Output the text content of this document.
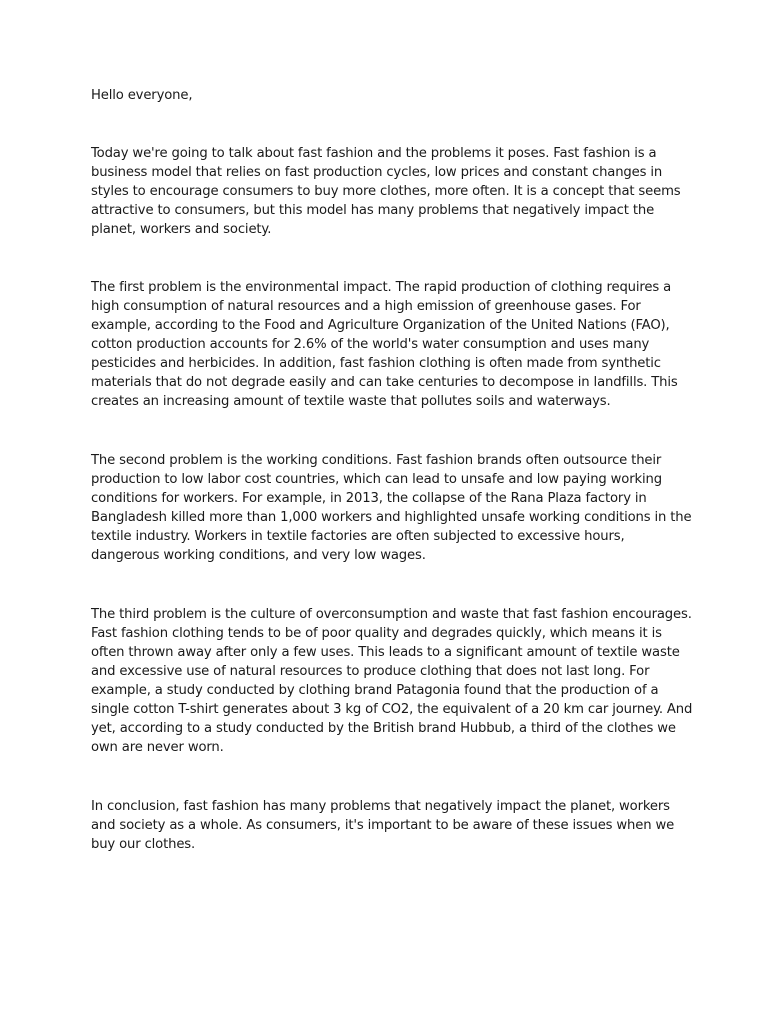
Hello everyone,

Today we're going to talk about fast fashion and the problems it poses. Fast fashion is a

business model that relies on fast production cycles, low prices and constant changes in

styles to encourage consumers to buy more clothes, more often. It is a concept that seems

attractive to consumers, but this model has many problems that negatively impact the

planet, workers and society.

The first problem is the environmental impact. The rapid production of clothing requires a

high consumption of natural resources and a high emission of greenhouse gases. For

example, according to the Food and Agriculture Organization of the United Nations (FAO),

cotton production accounts for 2.6% of the world's water consumption and uses many

pesticides and herbicides. In addition, fast fashion clothing is often made from synthetic

materials that do not degrade easily and can take centuries to decompose in landfills. This

creates an increasing amount of textile waste that pollutes soils and waterways.

The second problem is the working conditions. Fast fashion brands often outsource their

production to low labor cost countries, which can lead to unsafe and low paying working

conditions for workers. For example, in 2013, the collapse of the Rana Plaza factory in

Bangladesh killed more than 1,000 workers and highlighted unsafe working conditions in the

textile industry. Workers in textile factories are often subjected to excessive hours,

dangerous working conditions, and very low wages.

The third problem is the culture of overconsumption and waste that fast fashion encourages.

Fast fashion clothing tends to be of poor quality and degrades quickly, which means it is

often thrown away after only a few uses. This leads to a significant amount of textile waste

and excessive use of natural resources to produce clothing that does not last long. For

example, a study conducted by clothing brand Patagonia found that the production of a

single cotton T-shirt generates about 3 kg of CO2, the equivalent of a 20 km car journey. And

yet, according to a study conducted by the British brand Hubbub, a third of the clothes we

own are never worn.

In conclusion, fast fashion has many problems that negatively impact the planet, workers

and society as a whole. As consumers, it's important to be aware of these issues when we

buy our clothes.
